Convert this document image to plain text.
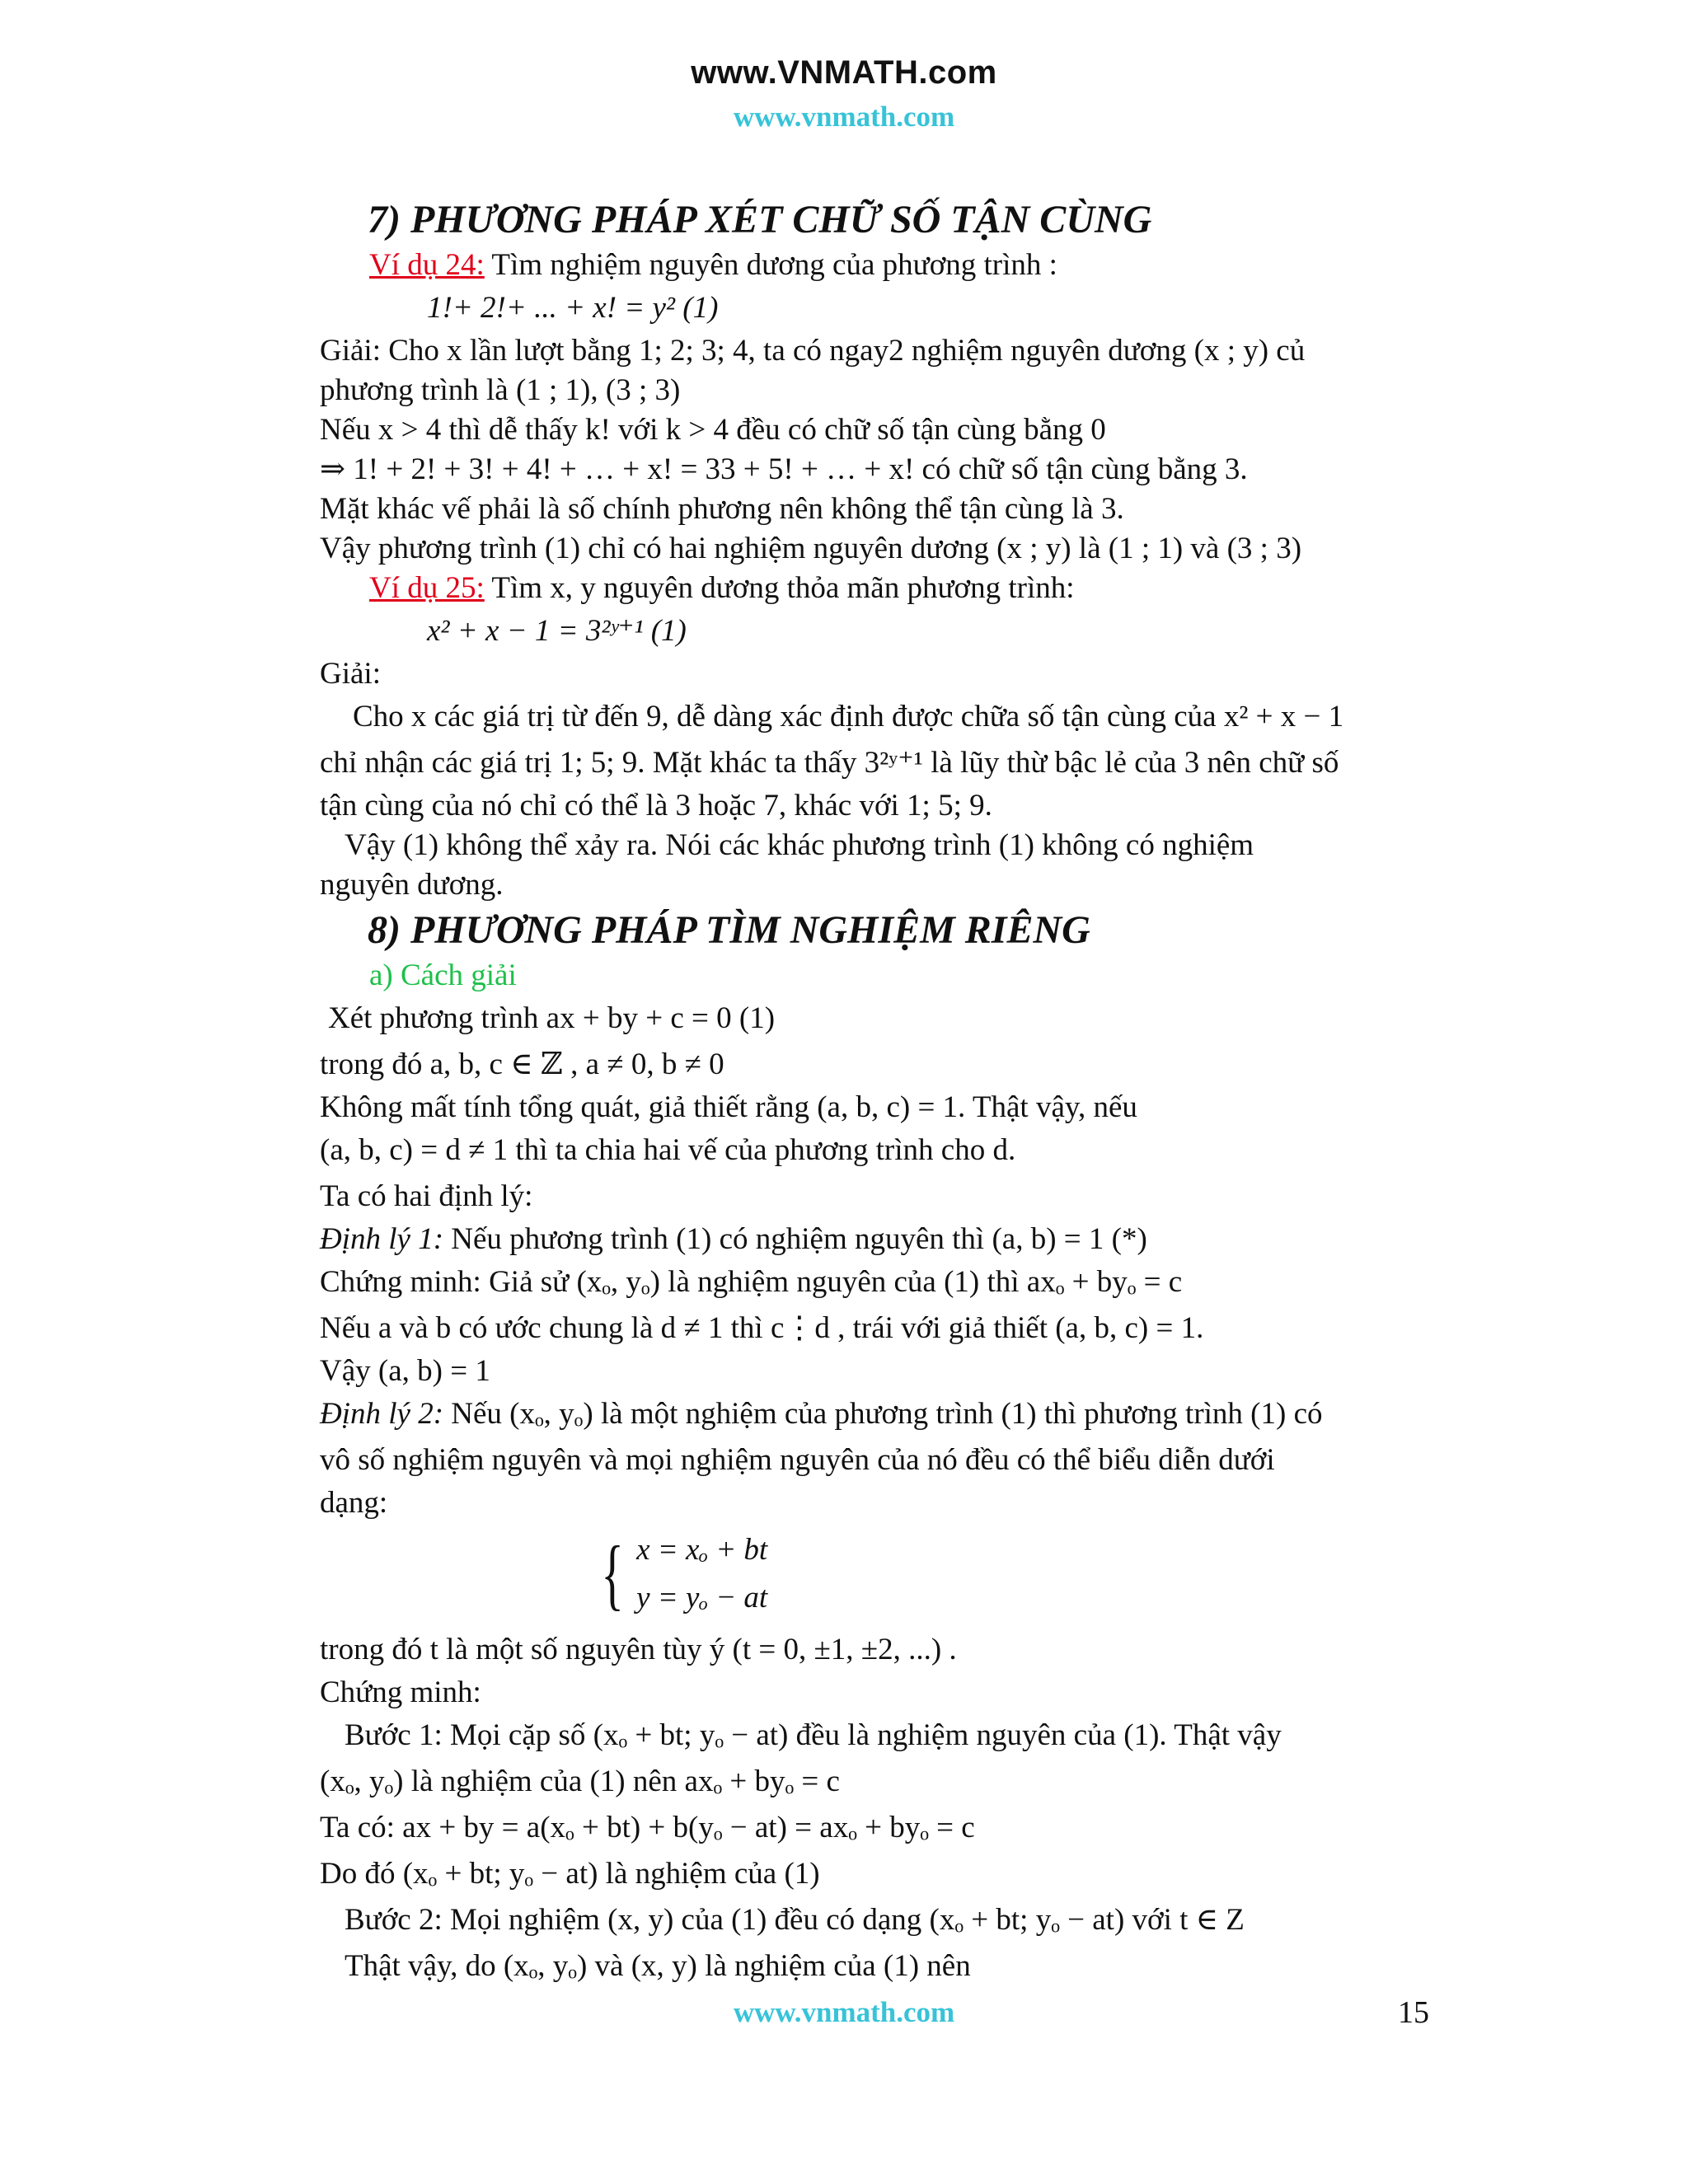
www.VNMATH.com
www.vnmath.com
7) PHƯƠNG PHÁP XÉT CHỮ SỐ TẬN CÙNG
Ví dụ 24: Tìm nghiệm nguyên dương của phương trình :
1!+ 2!+ ... + x! = y² (1)
Giải: Cho x lần lượt bằng 1; 2; 3; 4, ta có ngay2 nghiệm nguyên dương (x ; y) củ
phương trình là (1 ; 1), (3 ; 3)
Nếu x > 4 thì dễ thấy k! với k > 4 đều có chữ số tận cùng bằng 0
⇒ 1! + 2! + 3! + 4! + … + x! = 33 + 5! + … + x! có chữ số tận cùng bằng 3.
Mặt khác vế phải là số chính phương nên không thể tận cùng là 3.
Vậy phương trình (1) chỉ có hai nghiệm nguyên dương (x ; y) là (1 ; 1) và (3 ; 3)
Ví dụ 25: Tìm x, y nguyên dương thỏa mãn phương trình:
x² + x − 1 = 3²ʸ⁺¹ (1)
Giải:
Cho x các giá trị từ đến 9, dễ dàng xác định được chữa số tận cùng của x² + x − 1
chỉ nhận các giá trị 1; 5; 9. Mặt khác ta thấy 3²ʸ⁺¹ là lũy thừ bậc lẻ của 3 nên chữ số
tận cùng của nó chỉ có thể là 3 hoặc 7, khác với 1; 5; 9.
Vậy (1) không thể xảy ra. Nói các khác phương trình (1) không có nghiệm
nguyên dương.
8) PHƯƠNG PHÁP TÌM NGHIỆM RIÊNG
a) Cách giải
Xét phương trình ax + by + c = 0 (1)
trong đó a, b, c ∈ ℤ , a ≠ 0, b ≠ 0
Không mất tính tổng quát, giả thiết rằng (a, b, c) = 1. Thật vậy, nếu
(a, b, c) = d ≠ 1 thì ta chia hai vế của phương trình cho d.
Ta có hai định lý:
Định lý 1: Nếu phương trình (1) có nghiệm nguyên thì (a, b) = 1 (*)
Chứng minh: Giả sử (xₒ, yₒ) là nghiệm nguyên của (1) thì axₒ + byₒ = c
Nếu a và b có ước chung là d ≠ 1 thì c⋮d , trái với giả thiết (a, b, c) = 1.
Vậy (a, b) = 1
Định lý 2: Nếu (xₒ, yₒ) là một nghiệm của phương trình (1) thì phương trình (1) có
vô số nghiệm nguyên và mọi nghiệm nguyên của nó đều có thể biểu diễn dưới
dạng:
{ x = xₒ + bt
y = yₒ − at
trong đó t là một số nguyên tùy ý (t = 0, ±1, ±2, ...) .
Chứng minh:
Bước 1: Mọi cặp số (xₒ + bt; yₒ − at) đều là nghiệm nguyên của (1). Thật vậy
(xₒ, yₒ) là nghiệm của (1) nên axₒ + byₒ = c
Ta có: ax + by = a(xₒ + bt) + b(yₒ − at) = axₒ + byₒ = c
Do đó (xₒ + bt; yₒ − at) là nghiệm của (1)
Bước 2: Mọi nghiệm (x, y) của (1) đều có dạng (xₒ + bt; yₒ − at) với t ∈ Z
Thật vậy, do (xₒ, yₒ) và (x, y) là nghiệm của (1) nên
www.vnmath.com	15
